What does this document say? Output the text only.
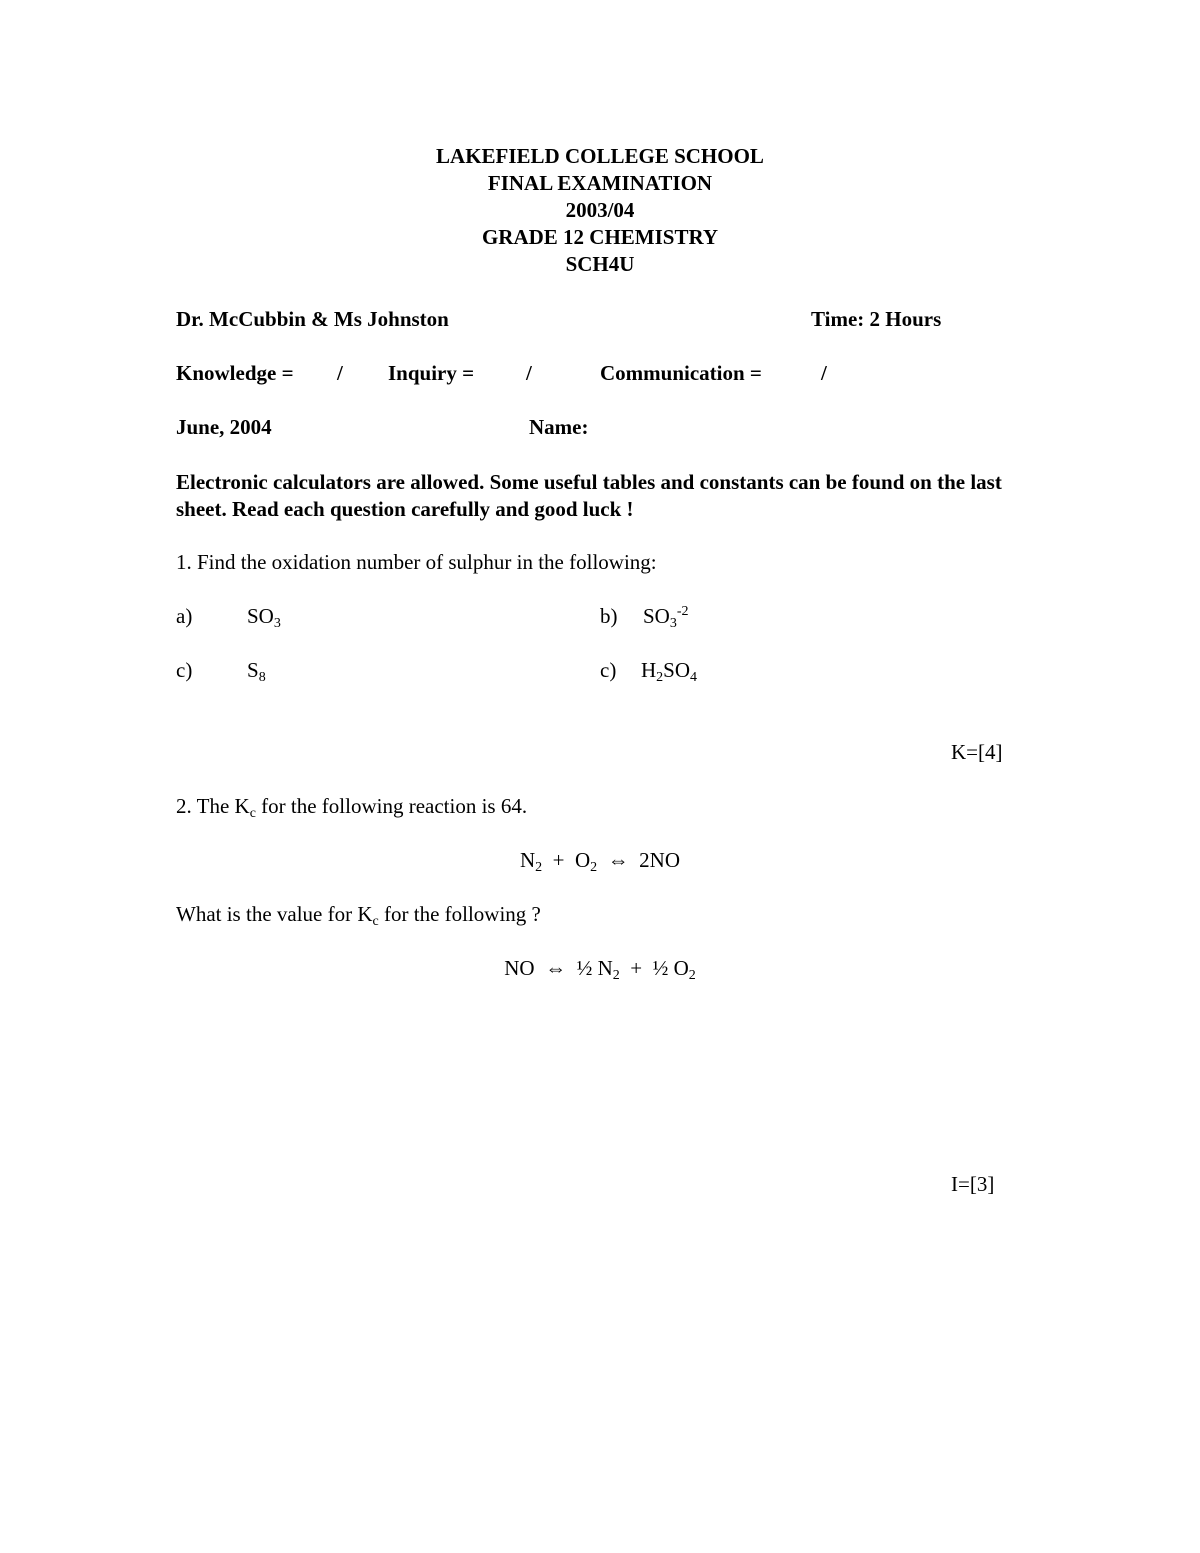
LAKEFIELD COLLEGE SCHOOL
FINAL EXAMINATION
2003/04
GRADE 12 CHEMISTRY
SCH4U
Dr. McCubbin & Ms Johnston	Time: 2 Hours
Knowledge = / Inquiry = /	Communication =	/
June, 2004	Name:
Electronic calculators are allowed. Some useful tables and constants can be found on the last sheet. Read each question carefully and good luck !
1. Find the oxidation number of sulphur in the following:
a)	$SO_3$	b) $SO_3^{-2}$
c)	$S_8$	c) $H_2SO_4$
K=[4]
2. The $K_c$ for the following reaction is 64.
$N_2 + O_2$ ⇔ 2NO
What is the value for $K_c$ for the following ?
NO ⇔ ½ $N_2$ + ½ $O_2$
I=[3]
